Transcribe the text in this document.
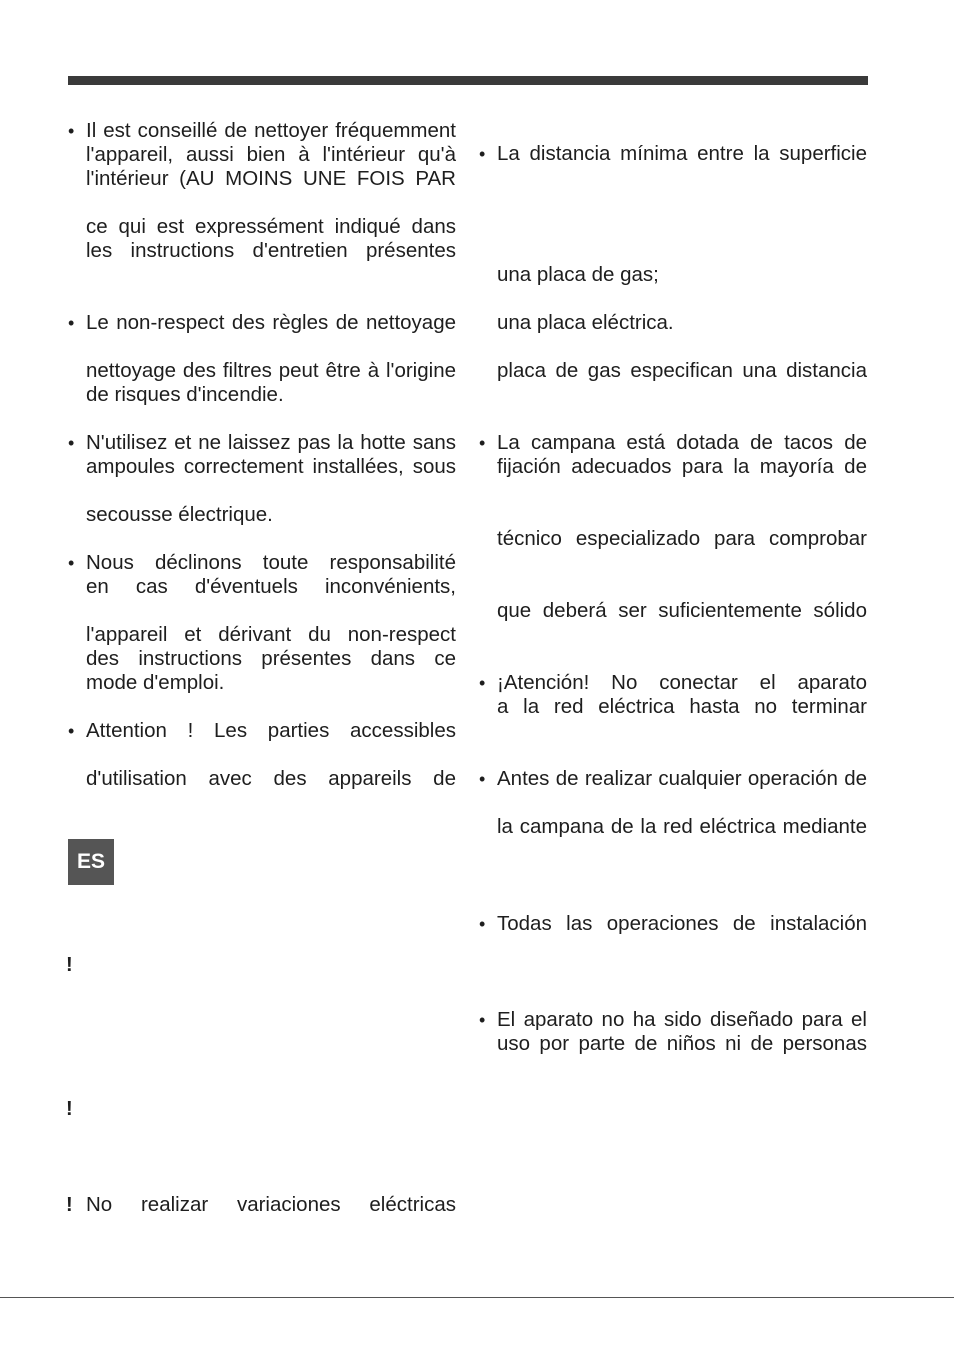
• Il est conseillé de nettoyer fréquemment
l'appareil, aussi bien à l'intérieur qu'à
l'intérieur (AU MOINS UNE FOIS PAR
ce qui est expressément indiqué dans
les instructions d'entretien présentes
• Le non-respect des règles de nettoyage
nettoyage des filtres peut être à l'origine
de risques d'incendie.
• N'utilisez et ne laissez pas la hotte sans
ampoules correctement installées, sous
secousse électrique.
• Nous déclinons toute responsabilité
en cas d'éventuels inconvénients,
l'appareil et dérivant du non-respect
des instructions présentes dans ce
mode d'emploi.
• Attention ! Les parties accessibles
d'utilisation avec des appareils de
ES
!
!
! No realizar variaciones eléctricas
• La distancia mínima entre la superficie
una placa de gas;
una placa eléctrica.
placa de gas especifican una distancia
• La campana está dotada de tacos de
fijación adecuados para la mayoría de
técnico especializado para comprobar
que deberá ser suficientemente sólido
• ¡Atención! No conectar el aparato
a la red eléctrica hasta no terminar
• Antes de realizar cualquier operación de
la campana de la red eléctrica mediante
• Todas las operaciones de instalación
• El aparato no ha sido diseñado para el
uso por parte de niños ni de personas
